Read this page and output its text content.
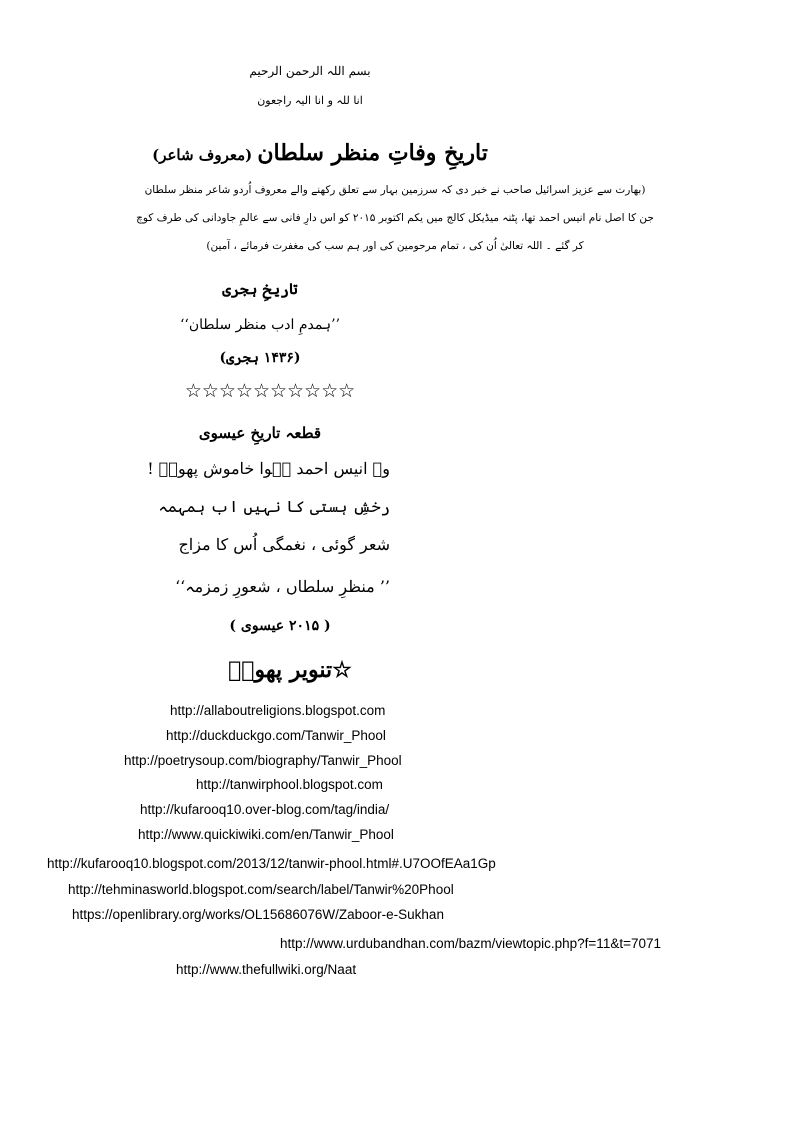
بسم اللہ الرحمن الرحیم
انا للہ و انا الیہ راجعون
تاریخِ وفاتِ منظر سلطان (معروف شاعر)
(بھارت سے عزیز اسرائیل صاحب نے خبر دی کہ سرزمین بہار سے تعلق رکھنے والے معروف اُردو شاعر منظر سلطان
جن کا اصل نام انیس احمد تھا، پٹنہ میڈیکل کالج میں یکم اکتوبر ۲۰۱۵ کو اس دارِ فانی سے عالمِ جاودانی کی طرف کوچ
کر گئے ۔ اللہ تعالیٰ اُن کی ، تمام مرحومین کی اور ہم سب کی مغفرت فرمائے ، آمین)
تاریخِ ہجری
’’ہمدمِ ادب منظر سلطان‘‘
(۱۴۳۶ ہجری)
☆☆☆☆☆☆☆☆☆☆
قطعہ تاریخِ عیسوی
وہ انیس احمد ہُوا خاموش پھولؔ !
رخشِ ہستی کا نہیں اب ہمہمہ
شعر گوئی ، نغمگی اُس کا مزاج
’’ منظرِ سلطاں ، شعورِ زمزمہ‘‘
( ۲۰۱۵ عیسوی )
☆تنویر پھولؔ
http://allaboutreligions.blogspot.com
http://duckduckgo.com/Tanwir_Phool
http://poetrysoup.com/biography/Tanwir_Phool
http://tanwirphool.blogspot.com
http://kufarooq10.over-blog.com/tag/india/
http://www.quickiwiki.com/en/Tanwir_Phool
http://kufarooq10.blogspot.com/2013/12/tanwir-phool.html#.U7OOfEAa1Gp
http://tehminasworld.blogspot.com/search/label/Tanwir%20Phool
https://openlibrary.org/works/OL15686076W/Zaboor-e-Sukhan
http://www.urdubandhan.com/bazm/viewtopic.php?f=11&t=7071
http://www.thefullwiki.org/Naat
